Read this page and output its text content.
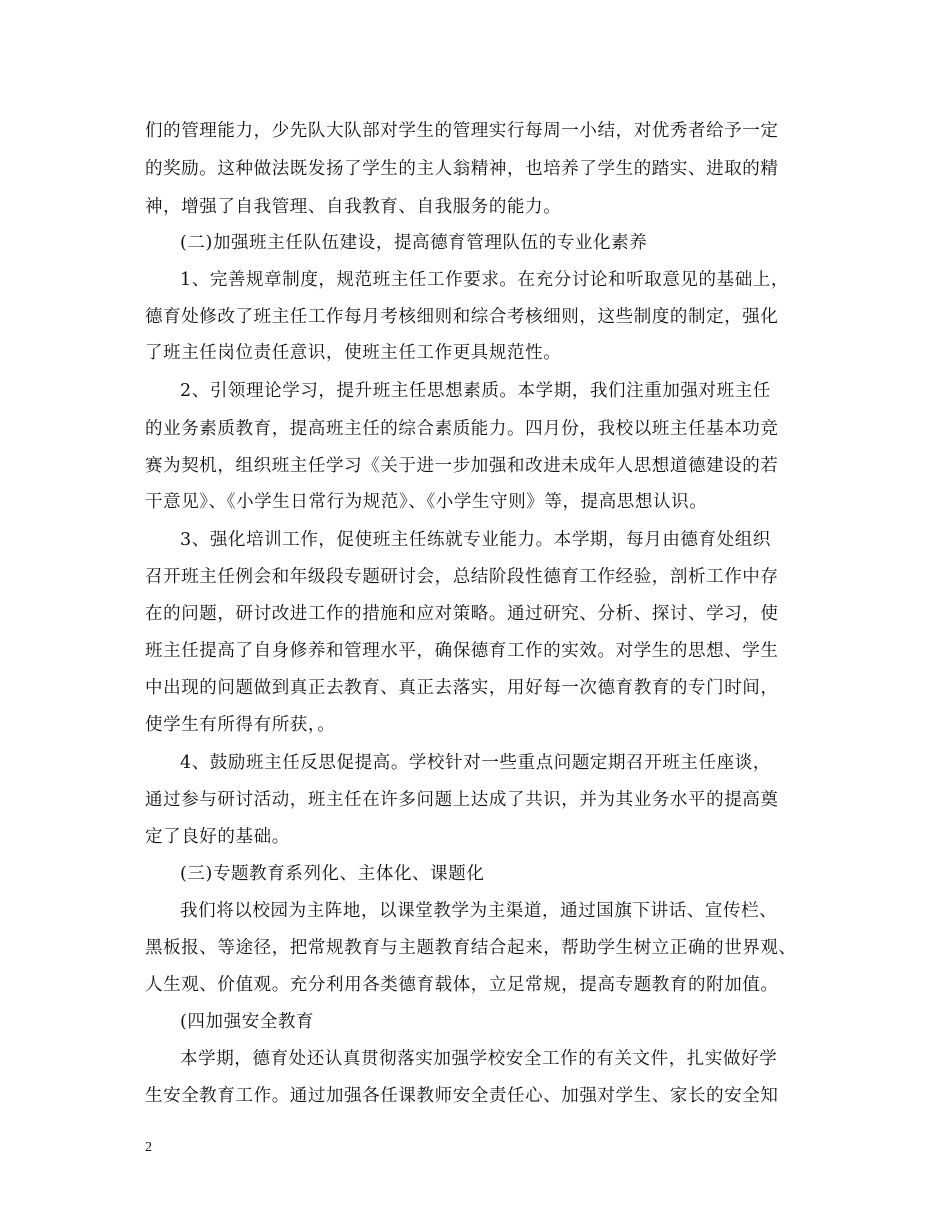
们的管理能力，少先队大队部对学生的管理实行每周一小结，对优秀者给予一定
的奖励。这种做法既发扬了学生的主人翁精神，也培养了学生的踏实、进取的精
神，增强了自我管理、自我教育、自我服务的能力。
(二)加强班主任队伍建设，提高德育管理队伍的专业化素养
1、完善规章制度，规范班主任工作要求。在充分讨论和听取意见的基础上，
德育处修改了班主任工作每月考核细则和综合考核细则，这些制度的制定，强化
了班主任岗位责任意识，使班主任工作更具规范性。
2、引领理论学习，提升班主任思想素质。本学期，我们注重加强对班主任
的业务素质教育，提高班主任的综合素质能力。四月份，我校以班主任基本功竞
赛为契机，组织班主任学习《关于进一步加强和改进未成年人思想道德建设的若
干意见》、《小学生日常行为规范》、《小学生守则》等，提高思想认识。
3、强化培训工作，促使班主任练就专业能力。本学期，每月由德育处组织
召开班主任例会和年级段专题研讨会，总结阶段性德育工作经验，剖析工作中存
在的问题，研讨改进工作的措施和应对策略。通过研究、分析、探讨、学习，使
班主任提高了自身修养和管理水平，确保德育工作的实效。对学生的思想、学生
中出现的问题做到真正去教育、真正去落实，用好每一次德育教育的专门时间，
使学生有所得有所获，。
4、鼓励班主任反思促提高。学校针对一些重点问题定期召开班主任座谈，
通过参与研讨活动，班主任在许多问题上达成了共识，并为其业务水平的提高奠
定了良好的基础。
(三)专题教育系列化、主体化、课题化
我们将以校园为主阵地，以课堂教学为主渠道，通过国旗下讲话、宣传栏、
黑板报、等途径，把常规教育与主题教育结合起来，帮助学生树立正确的世界观、
人生观、价值观。充分利用各类德育载体，立足常规，提高专题教育的附加值。
(四加强安全教育
本学期，德育处还认真贯彻落实加强学校安全工作的有关文件，扎实做好学
生安全教育工作。通过加强各任课教师安全责任心、加强对学生、家长的安全知
2
